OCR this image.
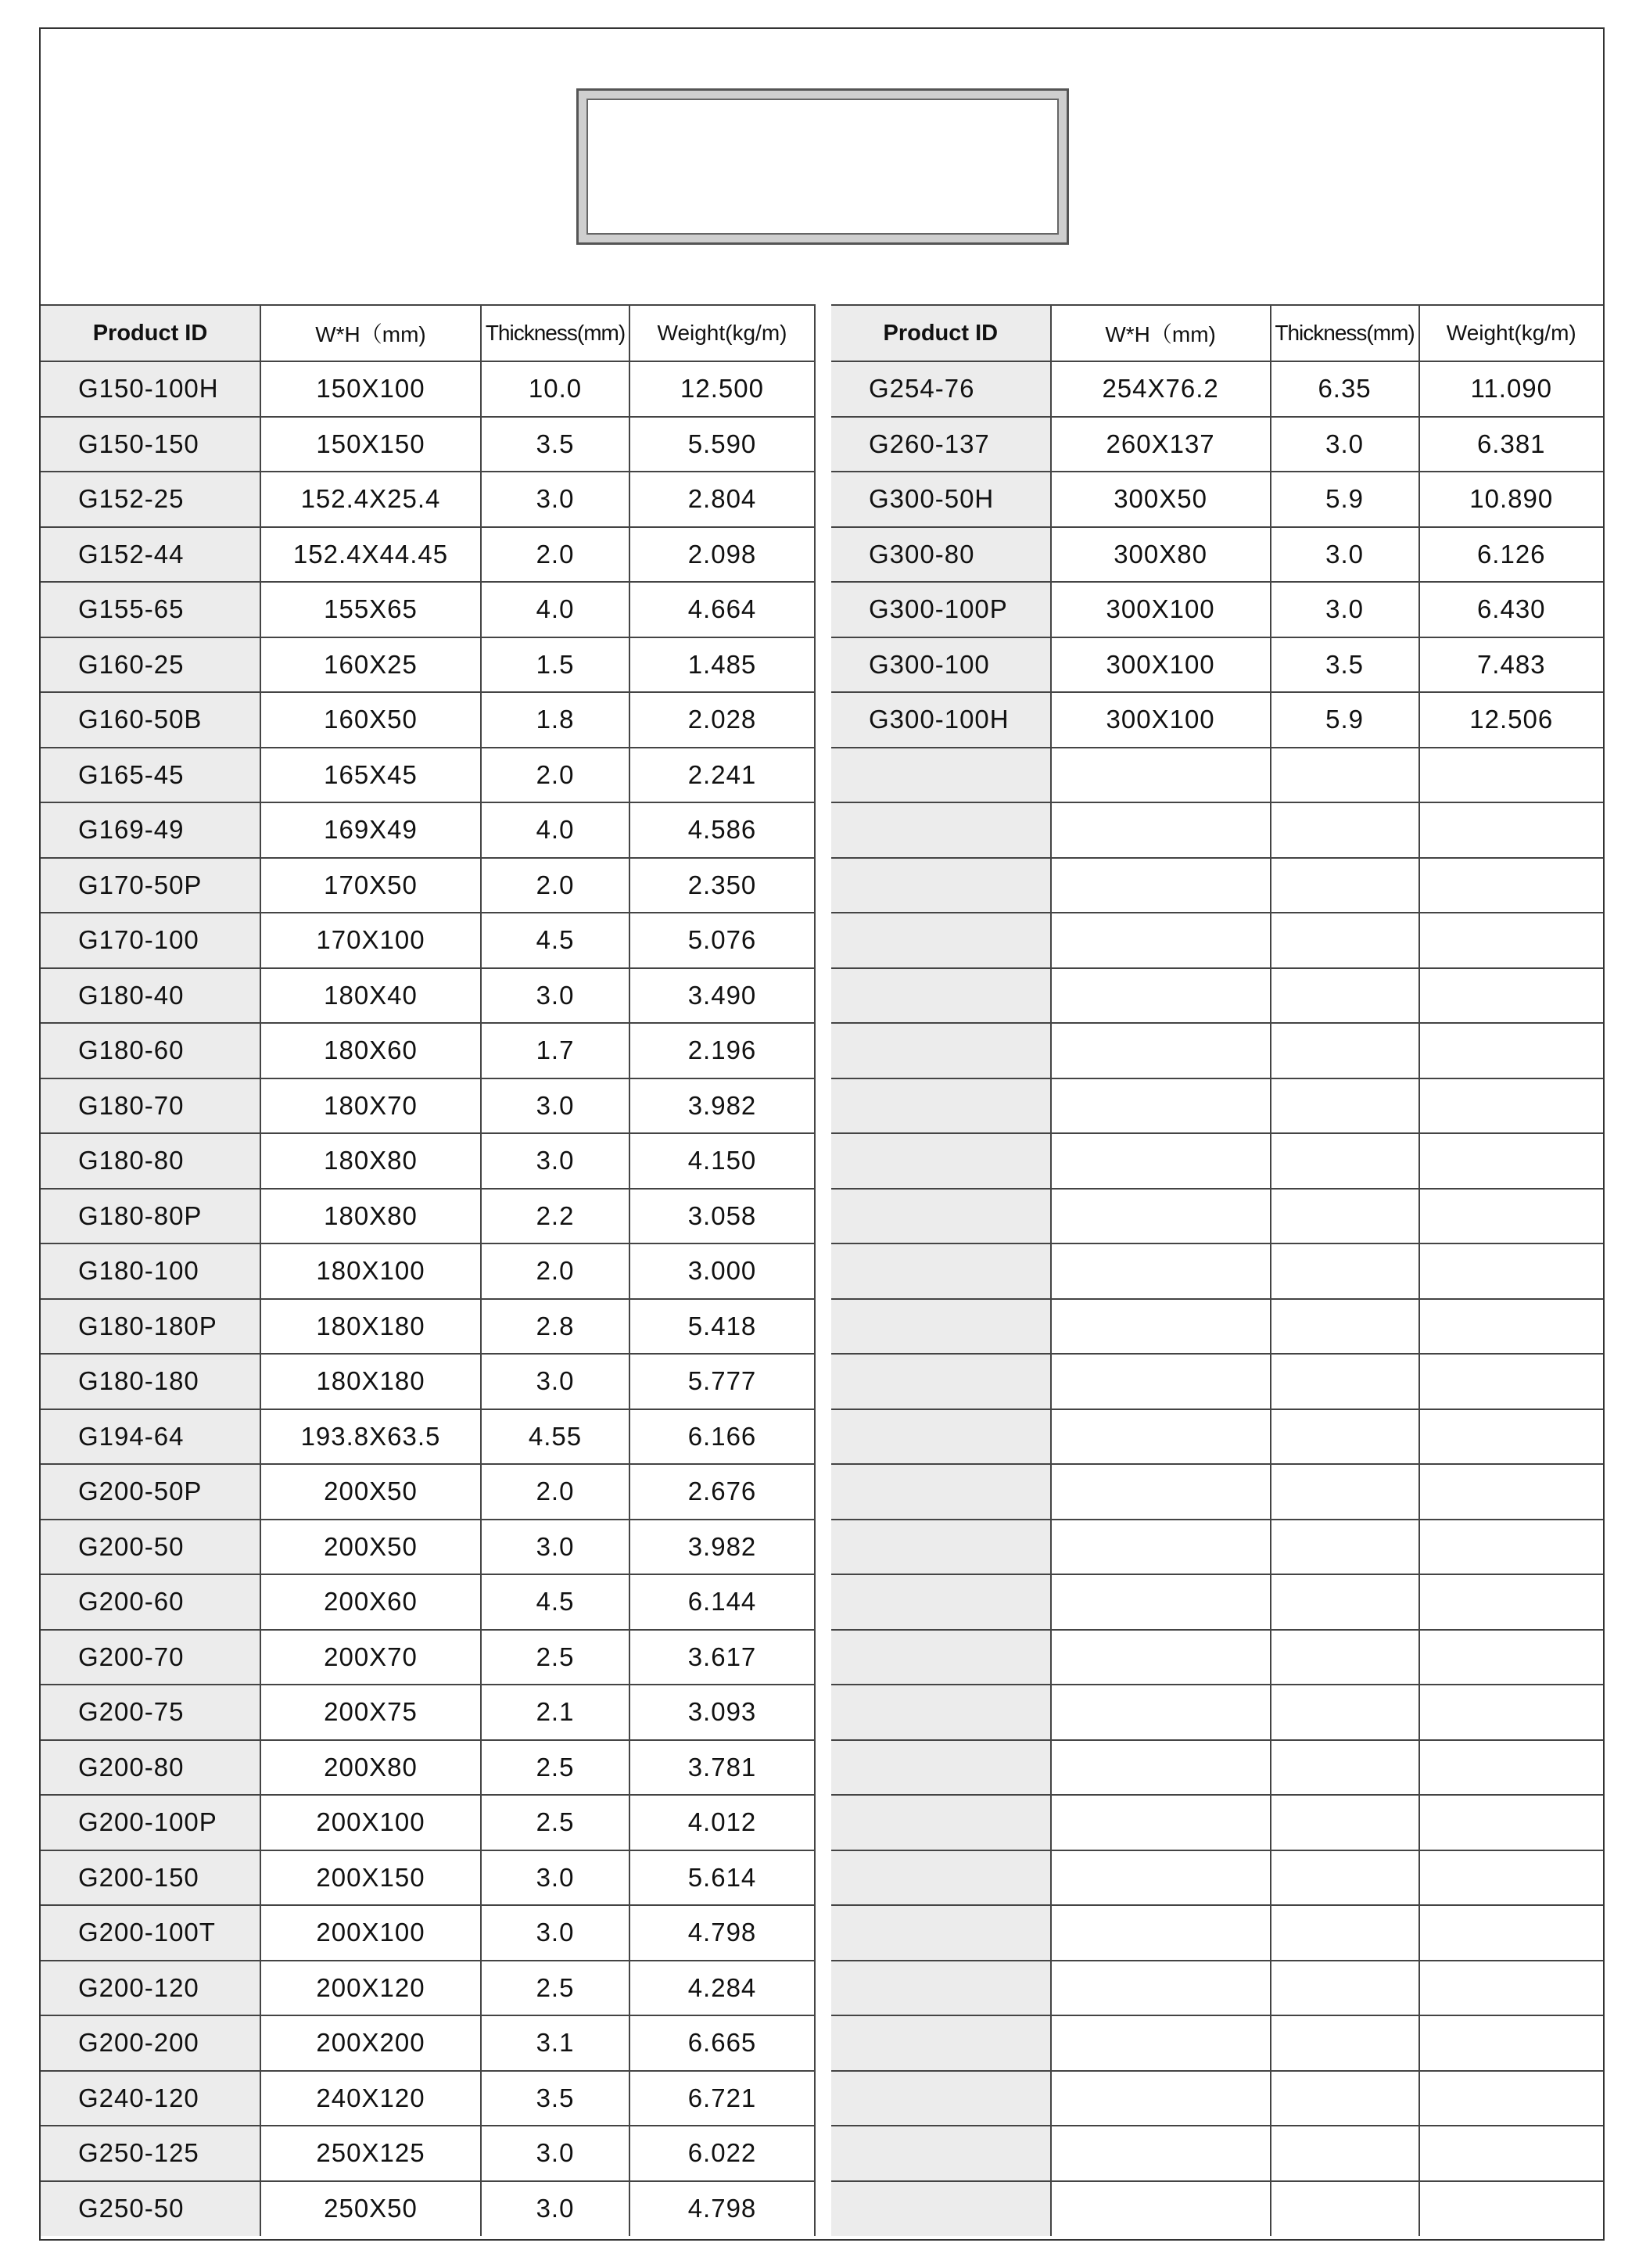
Product ID	W*H（mm)	Thickness(mm)	Weight(kg/m)
G150-100H	150X100	10.0	12.500
G150-150	150X150	3.5	5.590
G152-25	152.4X25.4	3.0	2.804
G152-44	152.4X44.45	2.0	2.098
G155-65	155X65	4.0	4.664
G160-25	160X25	1.5	1.485
G160-50B	160X50	1.8	2.028
G165-45	165X45	2.0	2.241
G169-49	169X49	4.0	4.586
G170-50P	170X50	2.0	2.350
G170-100	170X100	4.5	5.076
G180-40	180X40	3.0	3.490
G180-60	180X60	1.7	2.196
G180-70	180X70	3.0	3.982
G180-80	180X80	3.0	4.150
G180-80P	180X80	2.2	3.058
G180-100	180X100	2.0	3.000
G180-180P	180X180	2.8	5.418
G180-180	180X180	3.0	5.777
G194-64	193.8X63.5	4.55	6.166
G200-50P	200X50	2.0	2.676
G200-50	200X50	3.0	3.982
G200-60	200X60	4.5	6.144
G200-70	200X70	2.5	3.617
G200-75	200X75	2.1	3.093
G200-80	200X80	2.5	3.781
G200-100P	200X100	2.5	4.012
G200-150	200X150	3.0	5.614
G200-100T	200X100	3.0	4.798
G200-120	200X120	2.5	4.284
G200-200	200X200	3.1	6.665
G240-120	240X120	3.5	6.721
G250-125	250X125	3.0	6.022
G250-50	250X50	3.0	4.798
Product ID	W*H（mm)	Thickness(mm)	Weight(kg/m)
G254-76	254X76.2	6.35	11.090
G260-137	260X137	3.0	6.381
G300-50H	300X50	5.9	10.890
G300-80	300X80	3.0	6.126
G300-100P	300X100	3.0	6.430
G300-100	300X100	3.5	7.483
G300-100H	300X100	5.9	12.506
